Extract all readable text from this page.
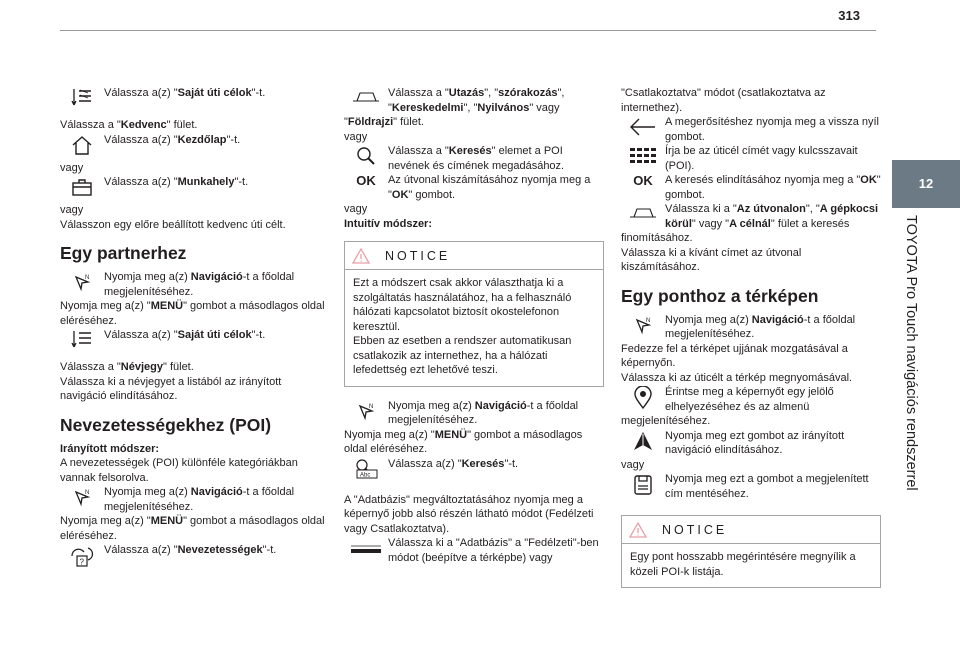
313
12
TOYOTA Pro Touch navigációs rendszerrel
Válassza a(z) "Saját úti célok"-t.

Válassza a "Kedvenc" fület.

Válassza a(z) "Kezdőlap"-t.

vagy

Válassza a(z) "Munkahely"-t.

vagy

Válasszon egy előre beállított kedvenc úti célt.

Egy partnerhez
N Nyomja meg a(z) Navigáció-t a főoldal megjelenítéséhez.

Nyomja meg a(z) "MENÜ" gombot a másodlagos oldal eléréséhez.

Válassza a(z) "Saját úti célok"-t.

Válassza a "Névjegy" fület.

Válassza ki a névjegyet a listából az irányított navigáció elindításához.

Nevezetességekhez (POI)

Irányított módszer:

A nevezetességek (POI) különféle kategóriákban vannak felsorolva.

N Nyomja meg a(z) Navigáció-t a főoldal megjelenítéséhez.

Nyomja meg a(z) "MENÜ" gombot a másodlagos oldal eléréséhez.

?
Válassza a(z) "Nevezetességek"-t.
Válassza a "Utazás", "szórakozás", "Kereskedelmi", "Nyilvános" vagy "Földrajzi" fület.

vagy

Válassza a "Keresés" elemet a POI nevének és címének megadásához.
OK Az útvonal kiszámításához nyomja meg a "OK" gombot.

vagy

Intuitív módszer:

NOTICE
Ezt a módszert csak akkor választhatja ki a szolgáltatás használatához, ha a felhasználó hálózati kapcsolatot biztosít okostelefonon keresztül.
Ebben az esetben a rendszer automatikusan csatlakozik az internethez, ha a hálózati lefedettség ezt lehetővé teszi.
N Nyomja meg a(z) Navigáció-t a főoldal megjelenítéséhez.

Nyomja meg a(z) "MENÜ" gombot a másodlagos oldal eléréséhez.

Abc
Válassza a(z) "Keresés"-t.

A "Adatbázis" megváltoztatásához nyomja meg a képernyő jobb alsó részén látható módot (Fedélzeti vagy Csatlakoztatva).

Válassza ki a "Adatbázis" a "Fedélzeti"-ben módot (beépítve a térképbe) vagy

"Csatlakoztatva" módot (csatlakoztatva az internethez).

A megerősítéshez nyomja meg a vissza nyíl gombot.
Írja be az úticél címét vagy kulcsszavait (POI).
OK A keresés elindításához nyomja meg a "OK" gombot.
Válassza ki a "Az útvonalon", "A gépkocsi körül" vagy "A célnál" fület a keresés finomításához.

Válassza ki a kívánt címet az útvonal kiszámításához.

Egy ponthoz a térképen
N Nyomja meg a(z) Navigáció-t a főoldal megjelenítéséhez.

Fedezze fel a térképet ujjának mozgatásával a képernyőn.

Válassza ki az úticélt a térkép megnyomásával.

Érintse meg a képernyőt egy jelölő elhelyezéséhez és az almenü megjelenítéséhez.
Nyomja meg ezt gombot az irányított navigáció elindításához.

vagy

Nyomja meg ezt a gombot a megjelenített cím mentéséhez.
NOTICE
Egy pont hosszabb megérintésére megnyílik a közeli POI-k listája.
